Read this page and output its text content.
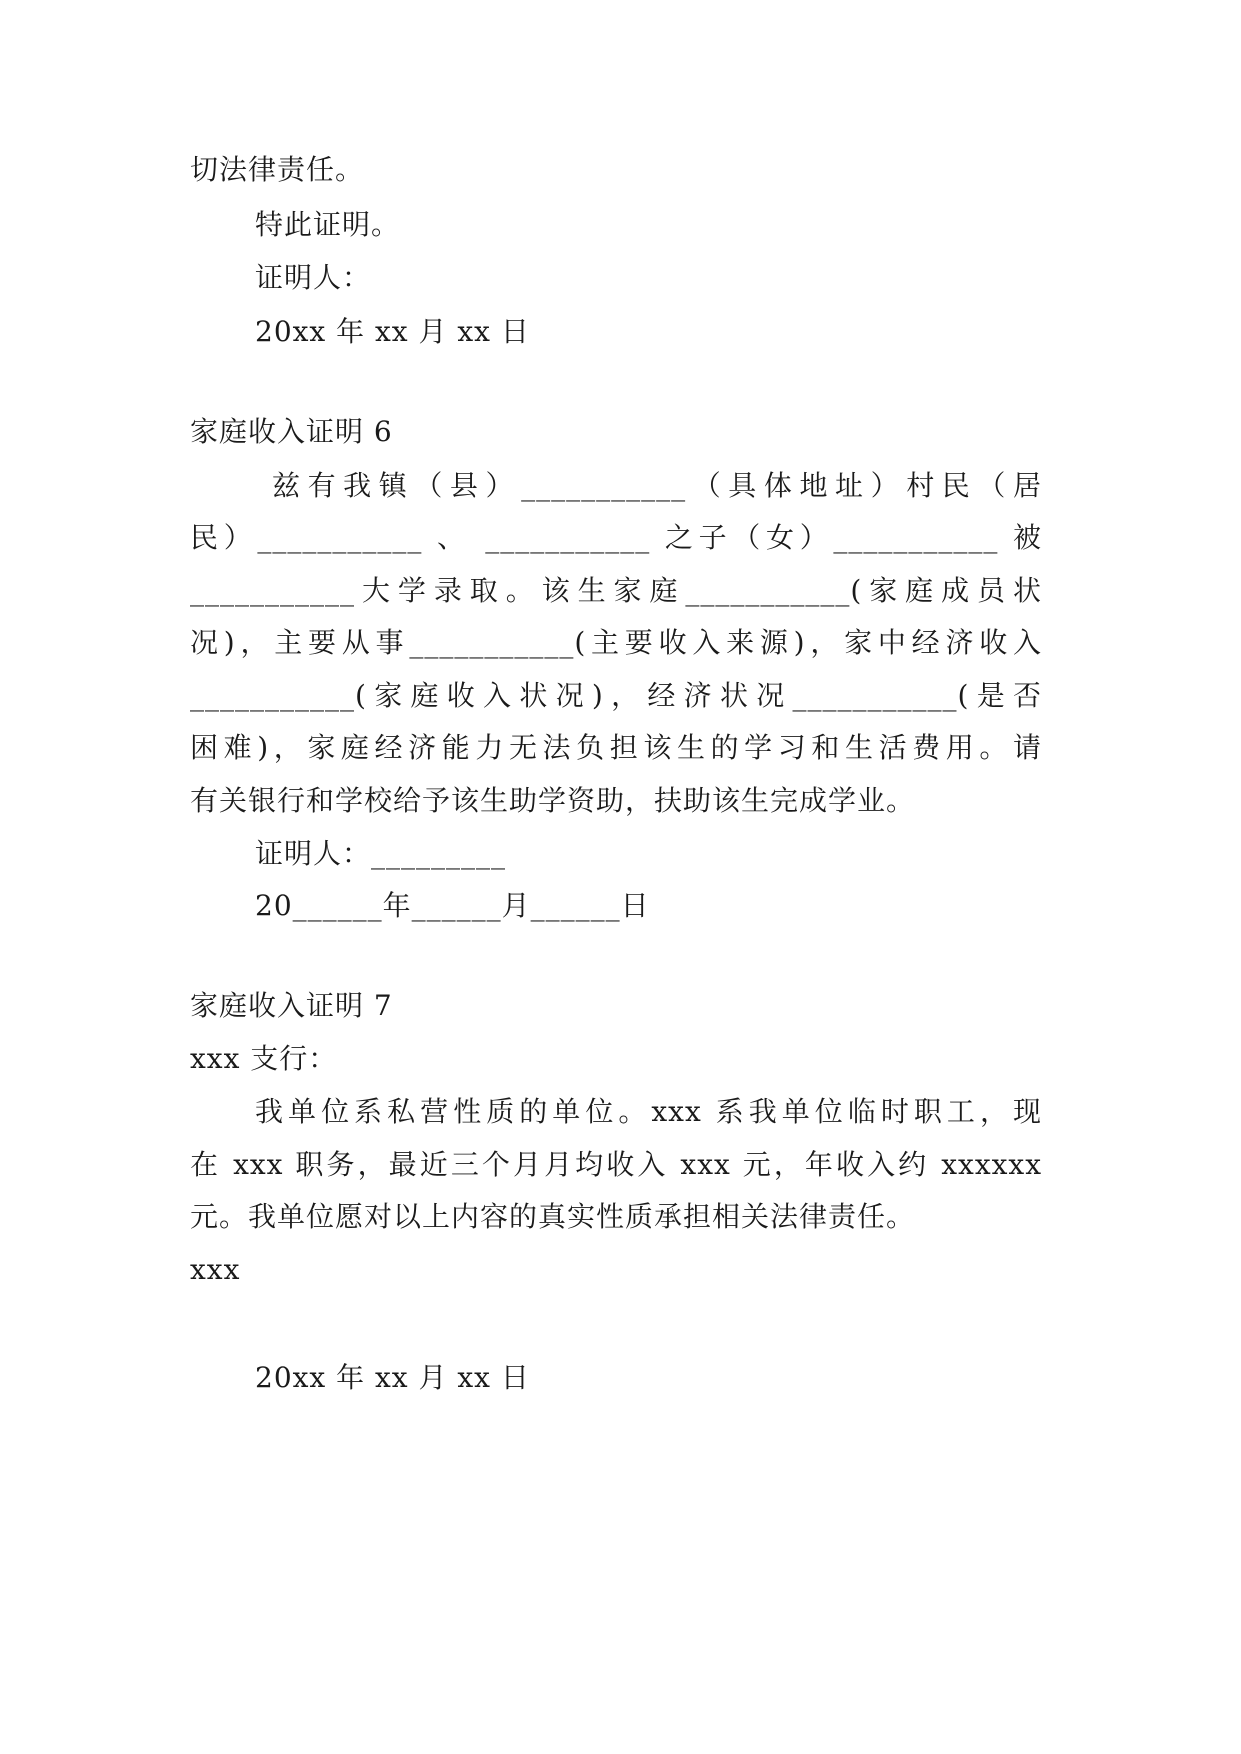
切法律责任。
特此证明。
证明人：
20xx 年 xx 月 xx 日
家庭收入证明 6
兹有我镇（县）___________（具体地址）村民（居
民）___________ 、 ___________ 之子（女）___________ 被
___________大学录取。该生家庭___________(家庭成员状
况)，主要从事___________(主要收入来源)，家中经济收入
___________(家庭收入状况)，经济状况___________(是否
困难)，家庭经济能力无法负担该生的学习和生活费用。请
有关银行和学校给予该生助学资助，扶助该生完成学业。
证明人：_________
20______年______月______日
家庭收入证明 7
xxx 支行：
我单位系私营性质的单位。xxx 系我单位临时职工，现
在 xxx 职务，最近三个月月均收入 xxx 元，年收入约 xxxxxx
元。我单位愿对以上内容的真实性质承担相关法律责任。
xxx
20xx 年 xx 月 xx 日
